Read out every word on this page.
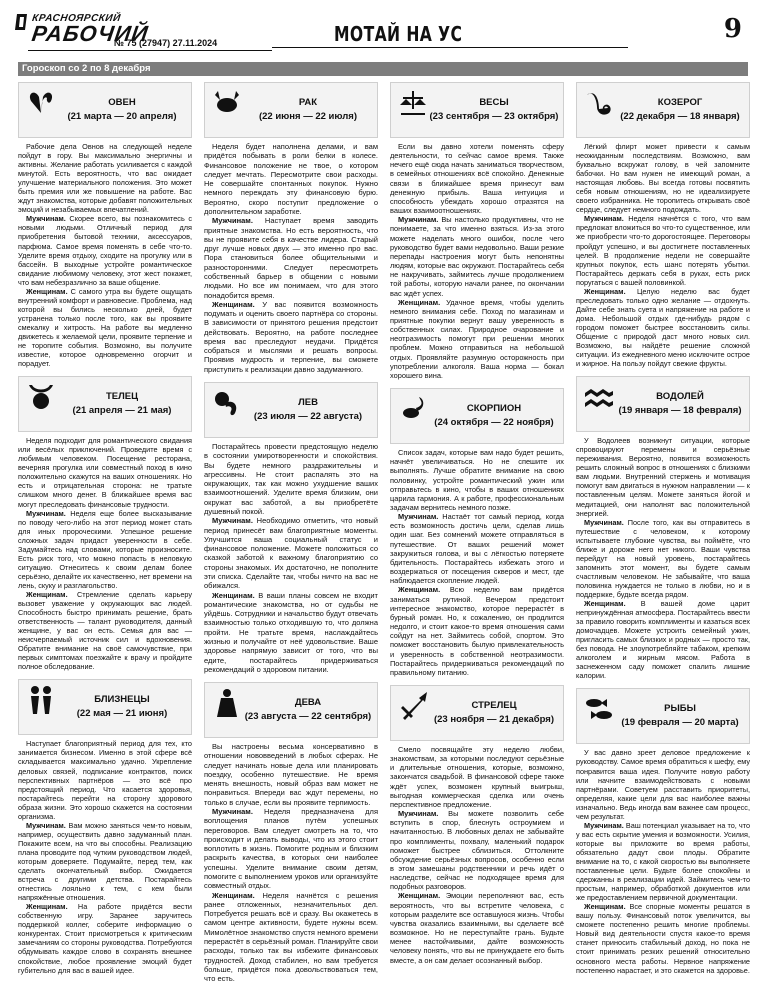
КРАСНОЯРСКИЙ
РАБОЧИЙ
№ 75 (27947) 27.11.2024	МОТАЙ НА УС	9
Гороскоп со 2 по 8 декабря
ОВЕН
(21 марта — 20 апреля)

Рабочие дела Овнов на следующей неделе пойдут в гору. Вы максимально энергичны и активны. Желание работать усиливается с каждой минутой. Есть вероятность, что вас ожидает улучшение материального положения. Это может быть премия или же повышение на работе. Вас ждут знакомства, которые добавят положительных эмоций и незабываемых впечатлений.

Мужчинам. Скорее всего, вы познакомитесь с новыми людьми. Отличный период для приобретения бытовой техники, аксессуаров, парфюма. Самое время поменять в себе что-то. Уделите время отдыху, сходите на прогулку или в бассейн. В выходные устройте романтическое свидание любимому человеку, этот жест покажет, что вам небезразлично за ваше общение.

Женщинам. С самого утра вы будете ощущать внутренний комфорт и равновесие. Проблема, над которой вы бились несколько дней, будет устранена только после того, как вы проявите смекалку и хитрость. На работе вы медленно движетесь к желаемой цели, проявите терпение и не торопите события. Возможно, вы получите известие, которое одновременно огорчит и порадует.

ТЕЛЕЦ
(21 апреля — 21 мая)

Неделя подходит для романтического свидания или весёлых приключений. Проведите время с любимым человеком. Посещение ресторана, вечерняя прогулка или совместный поход в кино положительно скажутся на ваших отношениях. Но есть и отрицательная сторона: не тратьте слишком много денег. В ближайшее время вас могут преследовать финансовые трудности.

Мужчинам. Неделя еще более высказывание по поводу чего-либо на этот период может стать для иных пророческими. Успешное решение сложных задач придаст уверенности в себе. Задумайтесь над словами, которые произносите. Есть риск того, что можно попасть в неловкую ситуацию. Отнеситесь к своим делам более серьёзно, делайте их качественно, нет времени на лень, скуку и разглагольство.

Женщинам. Стремление сделать карьеру вызовет уважение у окружающих вас людей. Способность быстро принимать решение, брать ответственность — талант руководителя, данный женщине, у вас он есть. Семья для вас — неисчерпаемый источник сил и вдохновения. Обратите внимание на своё самочувствие, при первых симптомах поезжайте к врачу и пройдите полное обследование.

БЛИЗНЕЦЫ
(22 мая — 21 июня)

Наступает благоприятный период для тех, кто занимается бизнесом. Именно в этой сфере всё складывается максимально удачно. Укрепление деловых связей, подписание контрактов, поиск перспективных партнёров — это всё про предстоящий период. Что касается здоровья, постарайтесь перейти на сторону здорового образа жизни. Это хорошо скажется на состоянии организма.

Мужчинам. Вам можно заняться чем-то новым, например, осуществить давно задуманный план. Покажите всем, на что вы способны. Реализацию плана проводите под чутким руководством людей, которым доверяете. Подумайте, перед тем, как сделать окончательный выбор. Ожидается встреча с другими детства. Постарайтесь отнестись лояльно к тем, с кем были напряжённые отношения.

Женщинам. На работе придётся вести собственную игру. Заранее заручитесь поддержкой коллег, соберите информацию о конкурентах. Стоит присмотреться к критическим замечаниям со стороны руководства. Потребуются обдумывать каждое слово в сохранять внешнее спокойствие, любое проявление эмоций будет губительно для вас в вашей идее.

РАК
(22 июня — 22 июля)

Неделя будет наполнена делами, и вам придётся побывать в роли белки в колесе. Финансовое положение не твое, о котором следует мечтать. Пересмотрите свои расходы. Не совершайте спонтанных покупок. Нужно немного переждать эту финансовую бурю. Вероятно, скоро поступит предложение о дополнительном заработке.

Мужчинам. Наступает время заводить приятные знакомства. Но есть вероятность, что вы не проявите себя в качестве лидера. Старый друг лучше новых двух — это именно про вас. Пора становиться более общительными и разносторонними. Следует пересмотреть собственный барьер в общении с новыми людьми. Но все им понимаем, что для этого понадобится время.

Женщинам. У вас появится возможность подумать и оценить своего партнёра со стороны. В зависимости от принятого решения предстоит действовать. Вероятно, на работе последнее время вас преследуют неудачи. Придётся собраться и мыслями и решать вопросы. Проявив мудрость и терпение, вы сможете приступить к реализации давно задуманного.

ЛЕВ
(23 июля — 22 августа)

Постарайтесь провести предстоящую неделю в состоянии умиротворенности и спокойствия. Вы будете немного раздражительны и агрессивны. Не стоит распалять это на окружающих, так как можно ухудшение ваших взаимоотношений. Уделите время близким, они окружат вас заботой, а вы приобретёте душевный покой.

Мужчинам. Необходимо отметить, что новый период принесёт вам благоприятные моменты. Улучшится ваша социальный статус и финансовое положение. Можете положиться со сказкой заботой к важному благоприятию со стороны знакомых. Их достаточно, не пополните эти списка. Сделайте так, чтобы ничто на вас не обижался.

Женщинам. В ваши планы совсем не входит романтические знакомства, но от судьбы не уйдёшь. Сотрудники и начальство будут отвечать взаимностью только отходившую то, что должна пройти. Не тратьте время, наслаждайтесь жизнью и получайте от неё удовольствие. Ваше здоровье напрямую зависит от того, что вы едите, постарайтесь придерживаться рекомендаций о здоровом питании.

ДЕВА
(23 августа — 22 сентября)

Вы настроены весьма консервативно в отношении нововведений в любых сферах. Не следует начинать новые дела или планировать поездку, особенно путешествие. Не время менять внешность, новый образ вам может не понравиться. Впереди вас ждут перемены, но только в случае, если вы проявите терпимость.

Мужчинам. Неделя предназначена для воплощения планов путём успешных переговоров. Вам следует смотреть на то, что происходит и делать выводы, что из этого стоит воплотить в жизнь. Помогите родным и близким раскрыть качества, в которых они наиболее успешны. Уделите внимание своим детям, помогите с выполнением уроков или организуйте совместный отдых.

Женщинам. Неделя начнётся с решения ранее отложенных, незначительных дел. Потребуется решать всё и сразу. Вы окажетесь в самом центре активности, будете нужны всем. Мимолётное знакомство спустя немного времени перерастёт в серьёзный роман. Планируйте свои расходы, только так вы избежите финансовых трудностей. Доход стабилен, но вам требуется больше, придётся пока довольствоваться тем, что есть.

ВЕСЫ
(23 сентября — 23 октября)

Если вы давно хотели поменять сферу деятельности, то сейчас самое время. Также нечего ещё сюда начать заниматься творчеством, в семейных отношениях всё спокойно. Денежные связи в ближайшее время принесут вам денежную прибыль. Ваша интуиция и способность убеждать хорошо отразятся на ваших взаимоотношениях.

Мужчинам. Вы настолько продуктивны, что не понимаете, за что именно взяться. Из-за этого можете наделать много ошибок, после чего руководство будет вами недовольно. Ваши резкие перепады настроения могут быть непонятны людям, которые вас окружают. Постарайтесь себя не накручивать, займитесь лучше продолжением той работы, которую начали ранее, по окончании вас ждёт успех.

Женщинам. Удачное время, чтобы уделить немного внимания себе. Поход по магазинам и приятные покупки вернут вашу уверенность в собственных силах. Природное очарование и неотразимость помогут при решении многих проблем. Можно отправиться на небольшой отдых. Проявляйте разумную осторожность при употреблении алкоголя. Ваша норма — бокал хорошего вина.

СКОРПИОН
(24 октября — 22 ноября)

Список задач, которые вам надо будет решить, начнёт увеличиваться. Но не спешите их выполнять. Лучше обратите внимание на свою половинку, устройте романтический ужин или отправьтесь в кино, чтобы в ваших отношениях царила гармония. А к работе, профессиональным задачам вернитесь немного позже.

Мужчинам. Настаёт тот самый период, когда есть возможность достичь цели, сделав лишь один шаг. Без сомнений можете отправляться в путешествие. От ваших решений может закружиться голова, и вы с лёгкостью потеряете бдительность. Постарайтесь избежать этого и воздержаться от посещения скверов и мест, где наблюдается скопление людей.

Женщинам. Всю неделю вам придётся заниматься рутиной. Вечером предстоит интересное знакомство, которое перерастёт в бурный роман. Но, к сожалению, он продлится недолго, и стоит какое-то время отношения сами сойдут на нет. Займитесь собой, спортом. Это поможет восстановить былую привлекательность и уверенность в собственной неотразимости. Постарайтесь придерживаться рекомендаций по правильному питанию.

СТРЕЛЕЦ
(23 ноября — 21 декабря)

Смело посвящайте эту неделю любви, знакомствам, за которыми последуют серьёзные и длительные отношения, которые, возможно, закончатся свадьбой. В финансовой сфере также ждёт успех, возможен крупный выигрыш, выгодная коммерческая сделка или очень перспективное предложение.

Мужчинам. Вы можете позволить себе вступить в спор, блеснуть остроумием и начитанностью. В любовных делах не забывайте про комплименты, похвалу, маленький подарок поможет быстрее сблизиться. Оттолкните обсуждение серьёзных вопросов, особенно если в этом замешаны родственники и речь идёт о наследстве, сейчас не подходящее время для подобных разговоров.

Женщинам. Эмоции переполняют вас, есть вероятность, что вы встретите человека, с которым разделите все оставшуюся жизнь. Чтобы чувства оказались взаимными, вы сделаете всё возможное. Но не переступайте грань. Будьте менее настойчивыми, дайте возможность человеку понять, что вы не принуждаете его быть вместе, а он сам делает осознанный выбор.

КОЗЕРОГ
(22 декабря — 18 января)

Лёгкий флирт может привести к самым неожиданным последствиям. Возможно, вам буквально вскружат голову, в чей запомните бабочки. Но вам нужен не имеющий роман, а настоящая любовь. Вы всегда готовы посвятить себя новым отношениям, но не идеализируете своего избранника. Не торопитесь открывать своё сердце, следует немного подождать.

Мужчинам. Неделя начнётся с того, что вам предложат вложиться во что-то существенное, или же приобрести что-то дорогостоящее. Переговоры пройдут успешно, и вы достигнете поставленных целей. В продолжение недели не совершайте крупных покупок, есть шанс потерять убытки. Постарайтесь держать себя в руках, есть риск поругаться с вашей половинкой.

Женщинам. Целую неделю вас будет преследовать только одно желание — отдохнуть. Дайте себе знать суета и напряжение на работе и дома. Небольшой отдых где-нибудь рядом с городом поможет быстрее восстановить силы. Общение с природой даст много новых сил. Возможно, вы найдёте решение сложной ситуации. Из ежедневного меню исключите острое и жирное. На пользу пойдут свежие фрукты.

ВОДОЛЕЙ
(19 января — 18 февраля)

У Водолеев возникнут ситуации, которые спровоцируют перемены и серьёзные переживания. Вероятно, появится возможность решить сложный вопрос в отношениях с близкими вам людьми. Внутренний стержень и мотивация помогут вам двигаться в нужном направлении — к поставленным целям. Можете заняться йогой и медитацией, они наполнят вас положительной энергией.

Мужчинам. После того, как вы отправитесь в путешествие с человеком, к которому испытываете глубокие чувства, вы поймёте, что ближе и дороже него нет никого. Ваши чувства перейдут на новый уровень, постарайтесь запомнить этот момент, вы будете самым счастливым человеком. Не забывайте, что ваша половинка нуждается не только в любви, но и в поддержке, будьте всегда рядом.

Женщинам. В вашей доме царит непринуждённая атмосфера. Постарайтесь ввести за правило говорить комплименты и казаться всех домочадцев. Можете устроить семейный ужин, пригласить самых близких и родных — просто так, без повода. Не злоупотребляйте табаком, крепким алкоголем и жирным мясом. Работа в заснеженном саду поможет спалить лишние калории.

РЫБЫ
(19 февраля — 20 марта)

У вас давно зреет деловое предложение к руководству. Самое время обратиться к шефу, ему понравится ваша идея. Получите новую работу или начните взаимодействовать с новыми партнёрами. Советуем расставить приоритеты, определяя, какие цели для вас наиболее важны изначально. Ведь иногда вам важнее сам процесс, чем результат.

Мужчинам. Ваш потенциал указывает на то, что у вас есть скрытие умения и возможности. Усилия, которые вы приложите во время работы, обязательно дадут свои плоды. Обратите внимание на то, с какой скоростью вы выполняете поставленные цели. Будьте более спокойны и сдержанны в реализации идей. Займитесь чем-то простым, например, обработкой документов или же предоставлением первичной документации.

Женщинам. Все спорные моменты решатся в вашу пользу. Финансовый поток увеличится, вы сможете постепенно решить многие проблемы. Новый вид деятельности спустя какое-то время станет приносить стабильный доход, но пока не стоит принимать резких решений относительно основного места работы. Нервное напряжение постепенно нарастает, и это скажется на здоровье.
